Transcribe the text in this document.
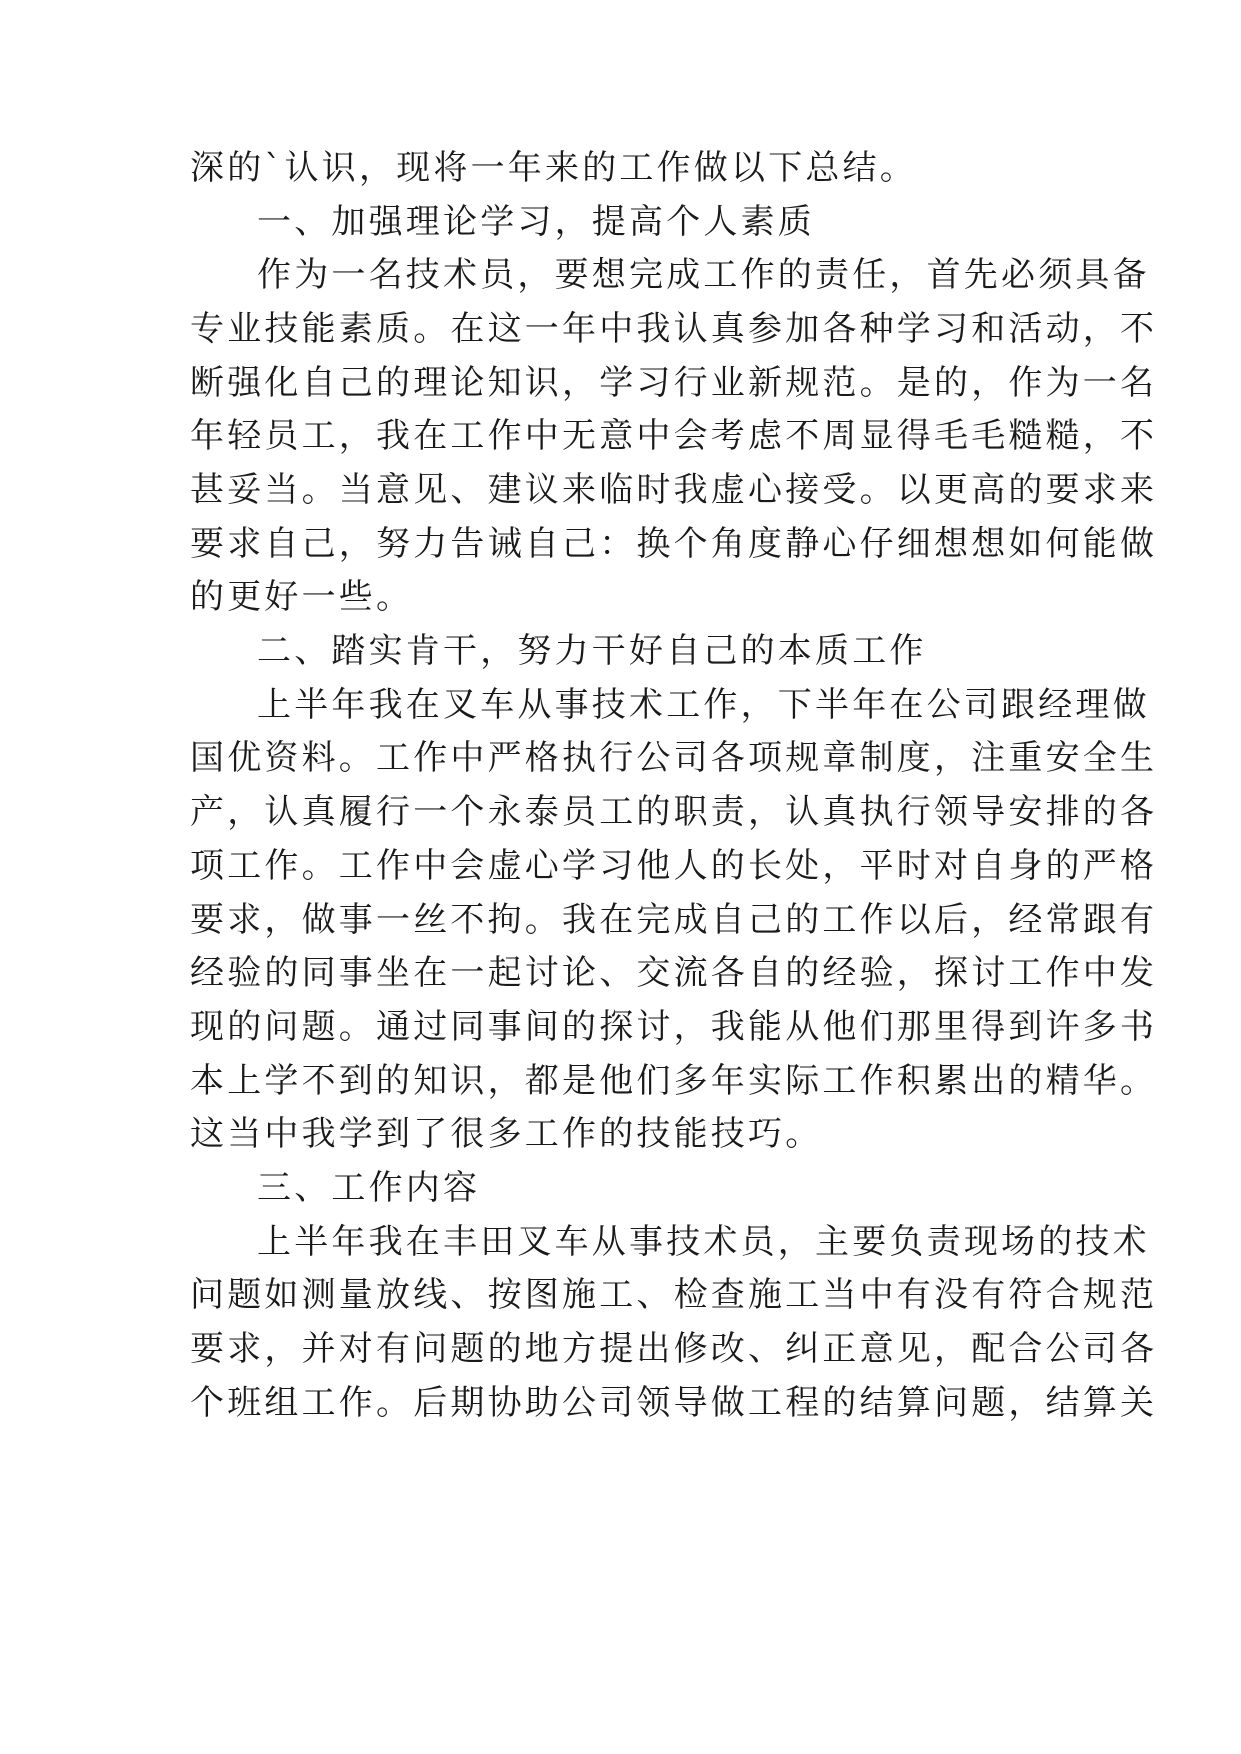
深的`认识，现将一年来的工作做以下总结。
一、加强理论学习，提高个人素质
作为一名技术员，要想完成工作的责任，首先必须具备
专业技能素质。在这一年中我认真参加各种学习和活动，不
断强化自己的理论知识，学习行业新规范。是的，作为一名
年轻员工，我在工作中无意中会考虑不周显得毛毛糙糙，不
甚妥当。当意见、建议来临时我虚心接受。以更高的要求来
要求自己，努力告诫自己：换个角度静心仔细想想如何能做
的更好一些。
二、踏实肯干，努力干好自己的本质工作
上半年我在叉车从事技术工作，下半年在公司跟经理做
国优资料。工作中严格执行公司各项规章制度，注重安全生
产，认真履行一个永泰员工的职责，认真执行领导安排的各
项工作。工作中会虚心学习他人的长处，平时对自身的严格
要求，做事一丝不拘。我在完成自己的工作以后，经常跟有
经验的同事坐在一起讨论、交流各自的经验，探讨工作中发
现的问题。通过同事间的探讨，我能从他们那里得到许多书
本上学不到的知识，都是他们多年实际工作积累出的精华。
这当中我学到了很多工作的技能技巧。
三、工作内容
上半年我在丰田叉车从事技术员，主要负责现场的技术
问题如测量放线、按图施工、检查施工当中有没有符合规范
要求，并对有问题的地方提出修改、纠正意见，配合公司各
个班组工作。后期协助公司领导做工程的结算问题，结算关
